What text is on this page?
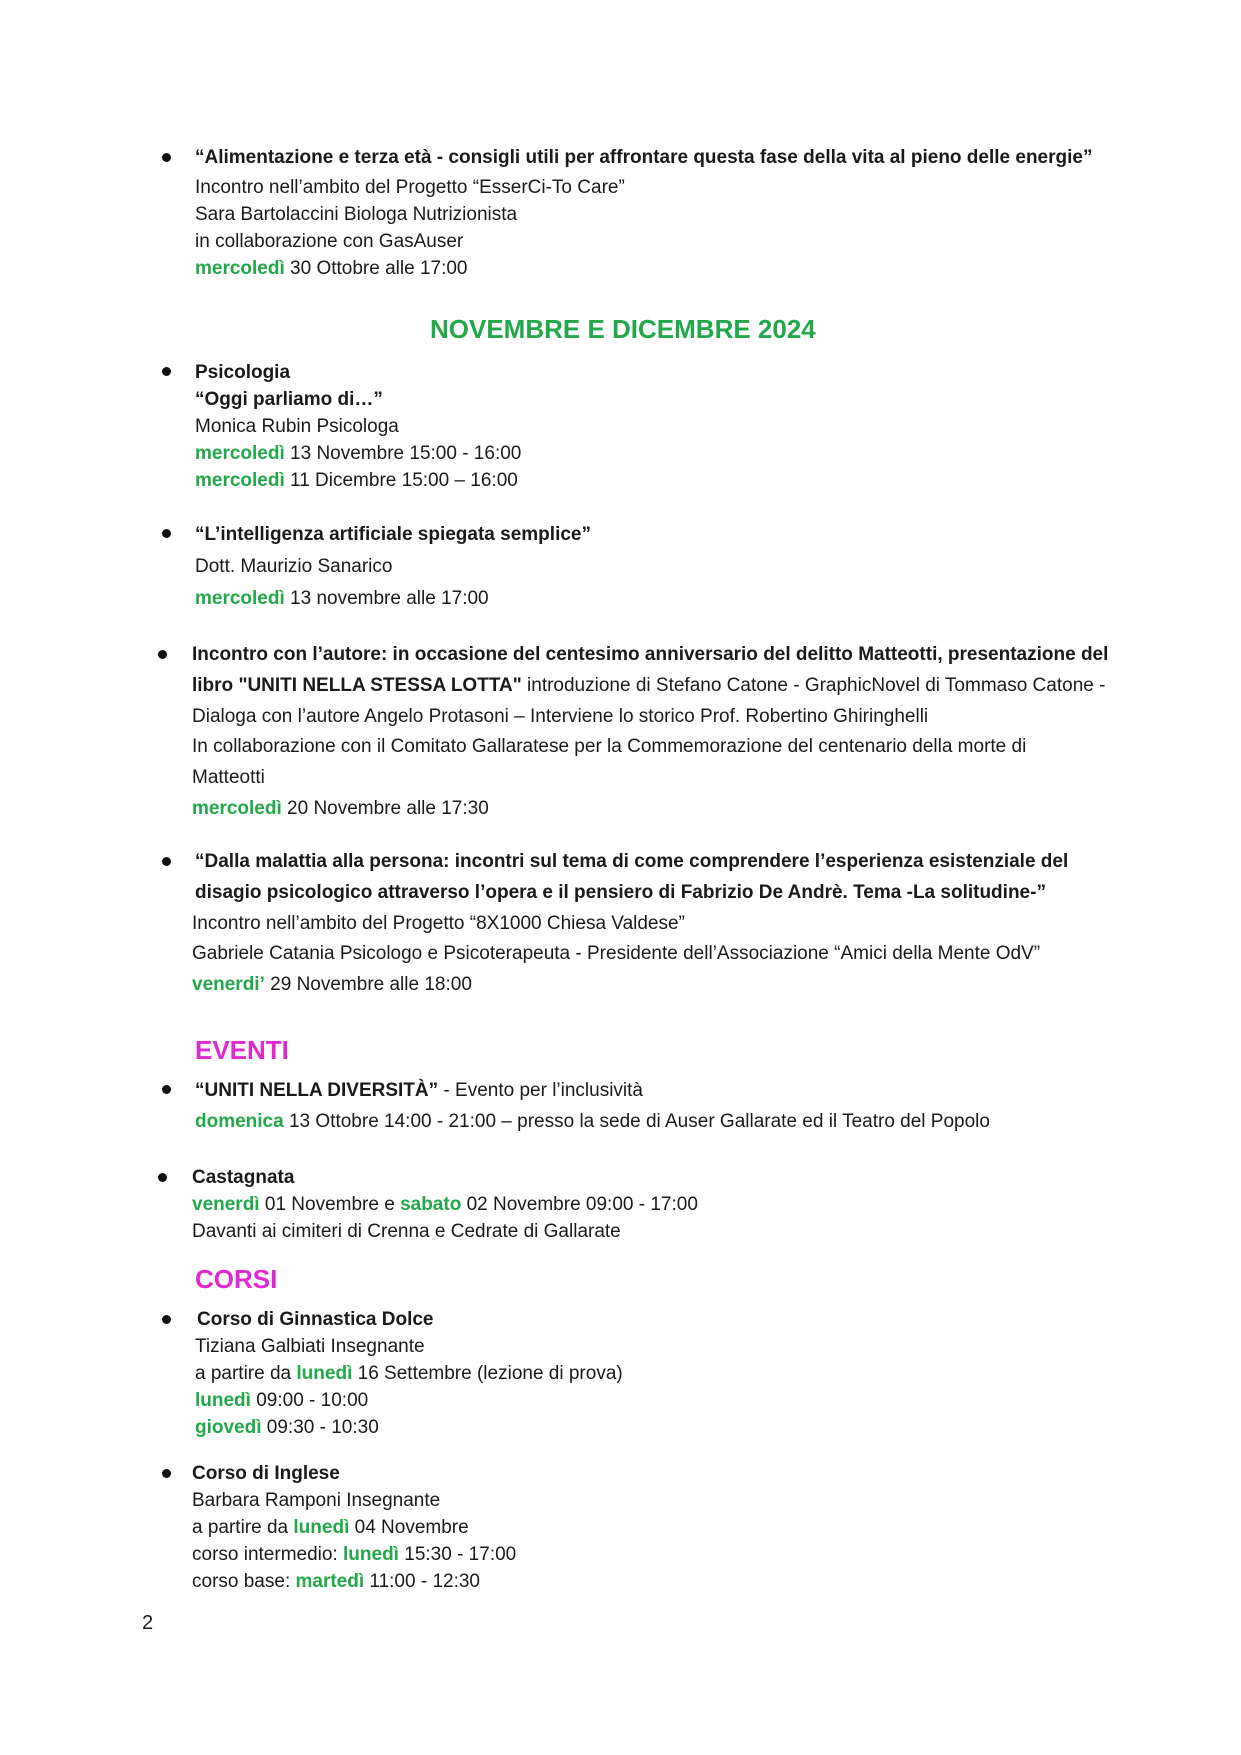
“Alimentazione e terza età - consigli utili per affrontare questa fase della vita al pieno delle energie”
Incontro nell’ambito del Progetto “EsserCi-To Care”
Sara Bartolaccini Biologa Nutrizionista
in collaborazione con GasAuser
mercoledì 30 Ottobre alle 17:00
NOVEMBRE E DICEMBRE 2024
Psicologia
“Oggi parliamo di…”
Monica Rubin Psicologa
mercoledì 13 Novembre 15:00 - 16:00
mercoledì 11 Dicembre 15:00 – 16:00
“L’intelligenza artificiale spiegata semplice”
Dott. Maurizio Sanarico
mercoledì 13 novembre alle 17:00
Incontro con l’autore: in occasione del centesimo anniversario del delitto Matteotti, presentazione del
libro "UNITI NELLA STESSA LOTTA" introduzione di Stefano Catone - GraphicNovel di Tommaso Catone -
Dialoga con l’autore Angelo Protasoni – Interviene lo storico Prof. Robertino Ghiringhelli
In collaborazione con il Comitato Gallaratese per la Commemorazione del centenario della morte di
Matteotti
mercoledì 20 Novembre alle 17:30
“Dalla malattia alla persona: incontri sul tema di come comprendere l’esperienza esistenziale del
disagio psicologico attraverso l’opera e il pensiero di Fabrizio De Andrè. Tema -La solitudine-”
Incontro nell’ambito del Progetto “8X1000 Chiesa Valdese”
Gabriele Catania Psicologo e Psicoterapeuta - Presidente dell’Associazione “Amici della Mente OdV”
venerdi’ 29 Novembre alle 18:00
EVENTI
“UNITI NELLA DIVERSITÀ” - Evento per l’inclusività
domenica 13 Ottobre 14:00 - 21:00 – presso la sede di Auser Gallarate ed il Teatro del Popolo
Castagnata
venerdì 01 Novembre e sabato 02 Novembre 09:00 - 17:00
Davanti ai cimiteri di Crenna e Cedrate di Gallarate
CORSI
Corso di Ginnastica Dolce
Tiziana Galbiati Insegnante
a partire da lunedì 16 Settembre (lezione di prova)
lunedì 09:00 - 10:00
giovedì 09:30 - 10:30
Corso di Inglese
Barbara Ramponi Insegnante
a partire da lunedì 04 Novembre
corso intermedio: lunedì 15:30 - 17:00
corso base: martedì 11:00 - 12:30
2
